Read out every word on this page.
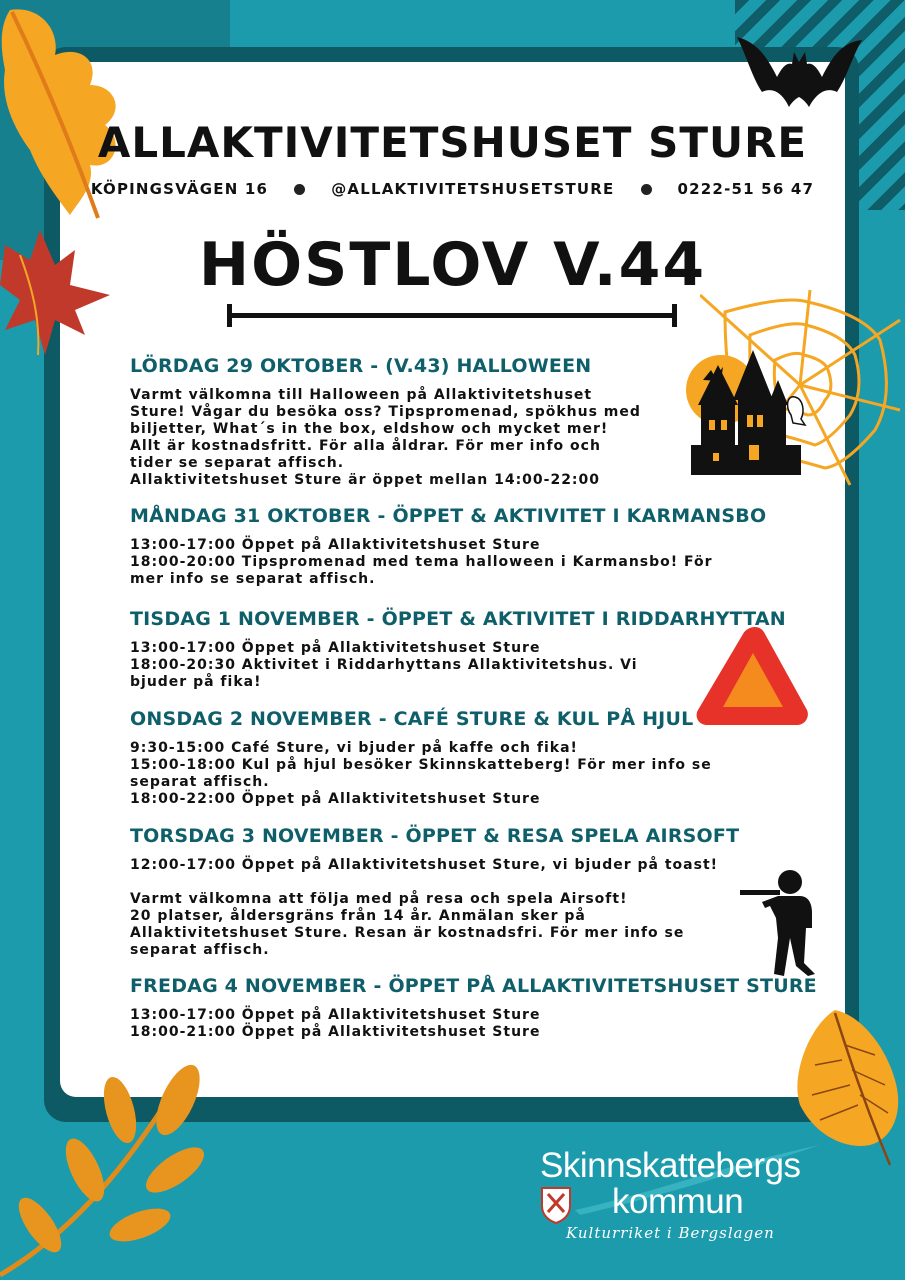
ALLAKTIVITETSHUSET STURE
KÖPINGSVÄGEN 16	@ALLAKTIVITETSHUSETSTURE	0222-51 56 47
HÖSTLOV V.44
LÖRDAG 29 OKTOBER - (V.43) HALLOWEEN
Varmt välkomna till Halloween på Allaktivitetshuset
Sture! Vågar du besöka oss? Tipspromenad, spökhus med
biljetter, What´s in the box, eldshow och mycket mer!
Allt är kostnadsfritt. För alla åldrar. För mer info och
tider se separat affisch.
Allaktivitetshuset Sture är öppet mellan 14:00-22:00
MÅNDAG 31 OKTOBER - ÖPPET & AKTIVITET I KARMANSBO
13:00-17:00 Öppet på Allaktivitetshuset Sture
18:00-20:00 Tipspromenad med tema halloween i Karmansbo! För
mer info se separat affisch.
TISDAG 1 NOVEMBER - ÖPPET & AKTIVITET I RIDDARHYTTAN
13:00-17:00 Öppet på Allaktivitetshuset Sture
18:00-20:30 Aktivitet i Riddarhyttans Allaktivitetshus. Vi
bjuder på fika!
ONSDAG 2 NOVEMBER - CAFÉ STURE & KUL PÅ HJUL
9:30-15:00 Café Sture, vi bjuder på kaffe och fika!
15:00-18:00 Kul på hjul besöker Skinnskatteberg! För mer info se
separat affisch.
18:00-22:00 Öppet på Allaktivitetshuset Sture
TORSDAG 3 NOVEMBER - ÖPPET & RESA SPELA AIRSOFT
12:00-17:00 Öppet på Allaktivitetshuset Sture, vi bjuder på toast!
Varmt välkomna att följa med på resa och spela Airsoft!
20 platser, åldersgräns från 14 år. Anmälan sker på
Allaktivitetshuset Sture. Resan är kostnadsfri. För mer info se
separat affisch.
FREDAG 4 NOVEMBER - ÖPPET PÅ ALLAKTIVITETSHUSET STURE
13:00-17:00 Öppet på Allaktivitetshuset Sture
18:00-21:00 Öppet på Allaktivitetshuset Sture
Skinnskattebergs
kommun
Kulturriket i Bergslagen
